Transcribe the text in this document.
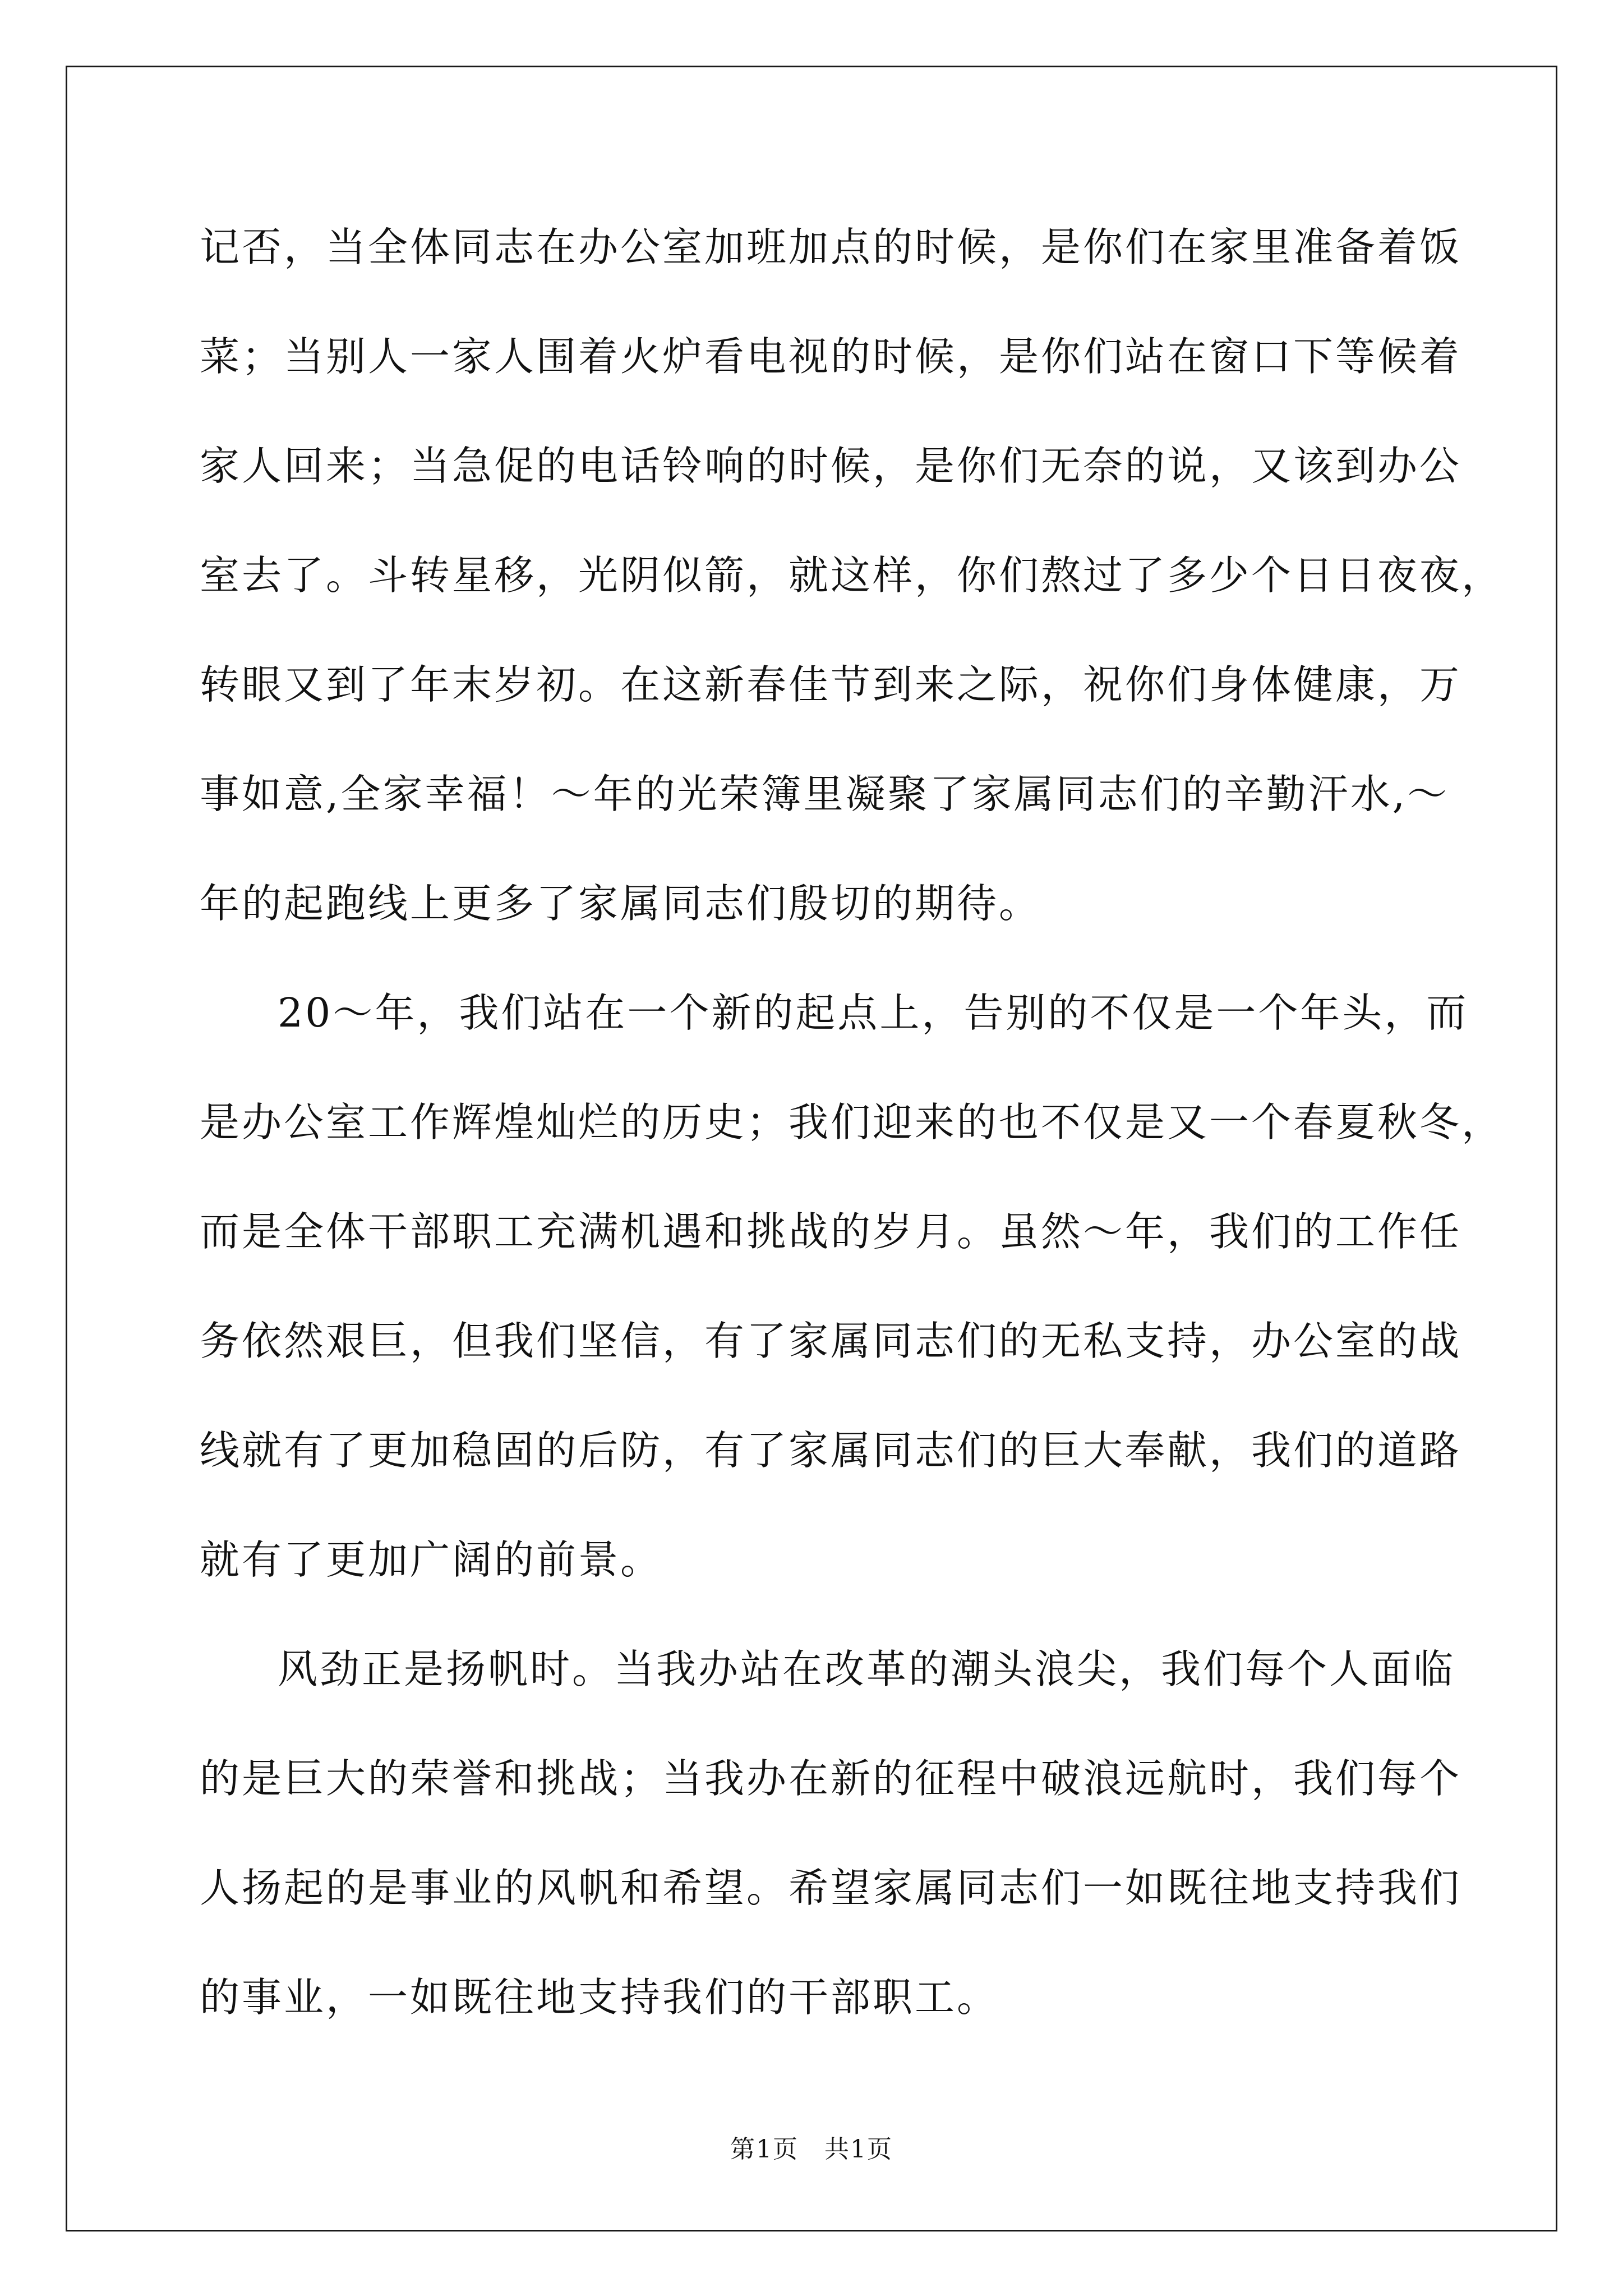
记否，当全体同志在办公室加班加点的时候，是你们在家里准备着饭
菜；当别人一家人围着火炉看电视的时候，是你们站在窗口下等候着
家人回来；当急促的电话铃响的时候，是你们无奈的说，又该到办公
室去了。斗转星移，光阴似箭，就这样，你们熬过了多少个日日夜夜，
转眼又到了年末岁初。在这新春佳节到来之际，祝你们身体健康，万
事如意,全家幸福！～年的光荣簿里凝聚了家属同志们的辛勤汗水,～
年的起跑线上更多了家属同志们殷切的期待。
20～年，我们站在一个新的起点上，告别的不仅是一个年头，而
是办公室工作辉煌灿烂的历史；我们迎来的也不仅是又一个春夏秋冬，
而是全体干部职工充满机遇和挑战的岁月。虽然～年，我们的工作任
务依然艰巨，但我们坚信，有了家属同志们的无私支持，办公室的战
线就有了更加稳固的后防，有了家属同志们的巨大奉献，我们的道路
就有了更加广阔的前景。
风劲正是扬帆时。当我办站在改革的潮头浪尖，我们每个人面临
的是巨大的荣誉和挑战；当我办在新的征程中破浪远航时，我们每个
人扬起的是事业的风帆和希望。希望家属同志们一如既往地支持我们
的事业，一如既往地支持我们的干部职工。
第1页　共1页
